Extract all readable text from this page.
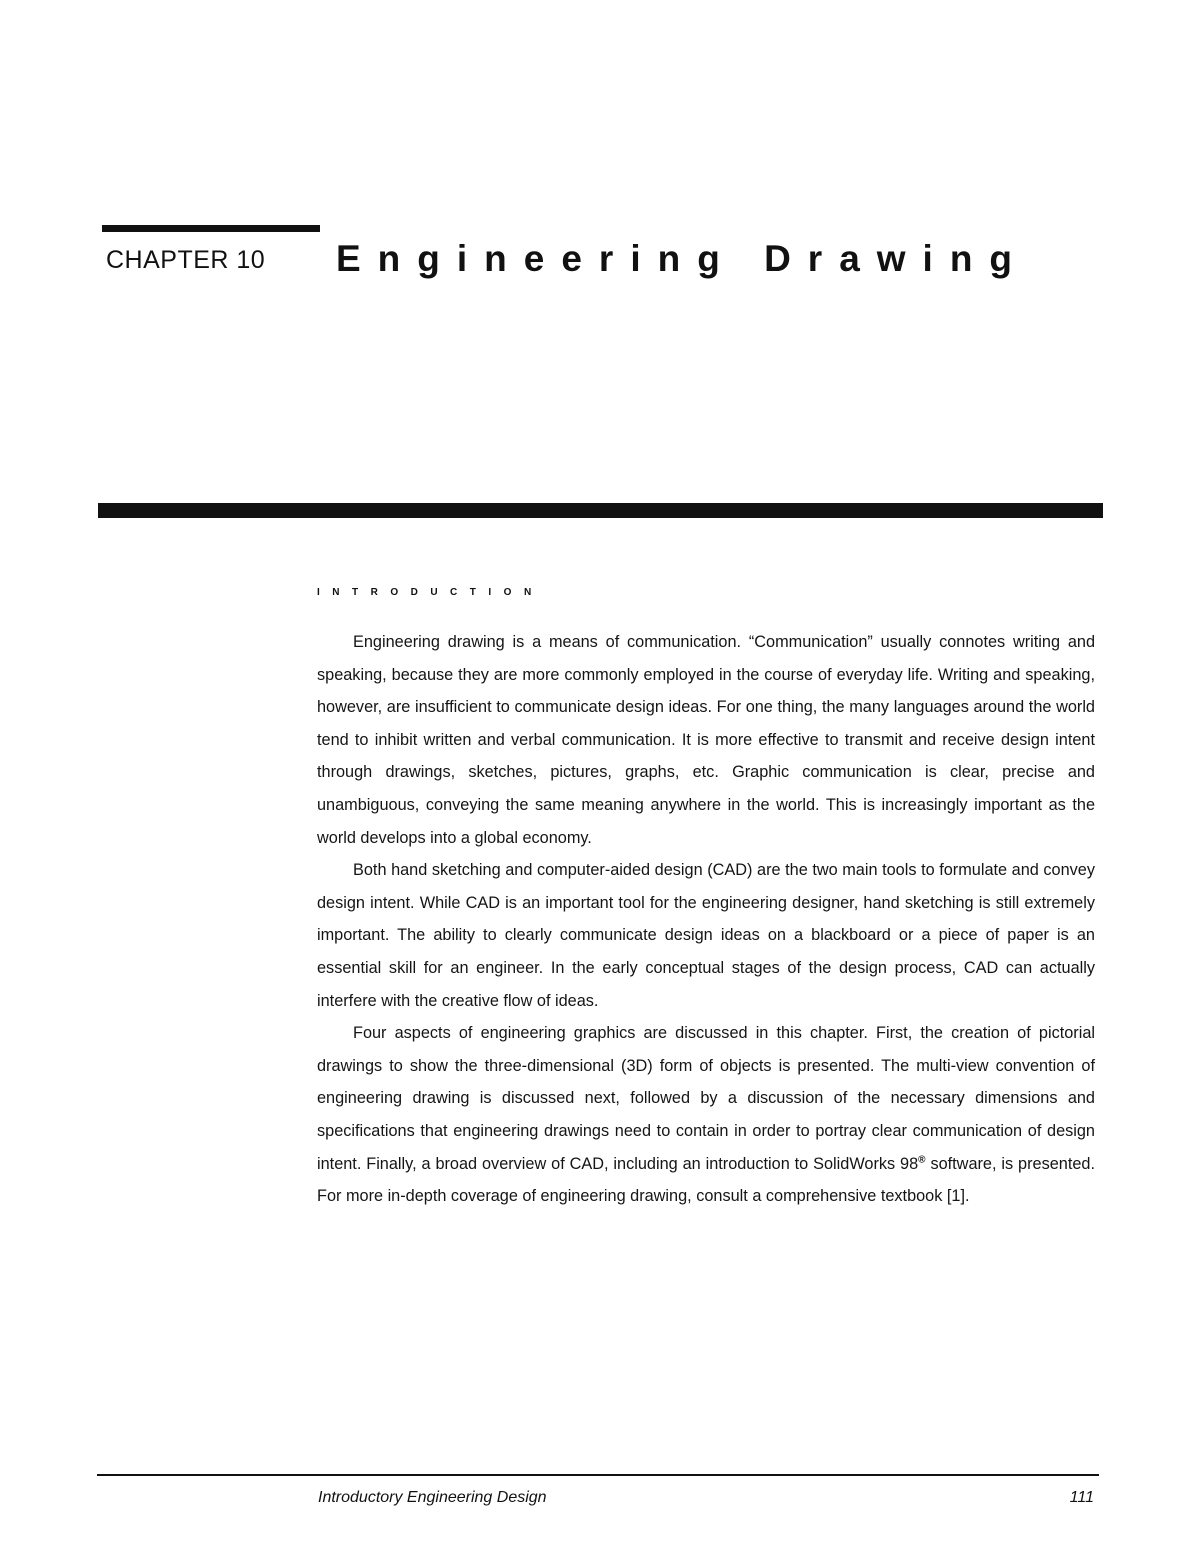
CHAPTER 10 Engineering Drawing
INTRODUCTION

Engineering drawing is a means of communication. “Communication” usually connotes writing and speaking, because they are more commonly employed in the course of everyday life. Writing and speaking, however, are insufficient to communicate design ideas. For one thing, the many languages around the world tend to inhibit written and verbal communication. It is more effective to transmit and receive design intent through drawings, sketches, pictures, graphs, etc. Graphic communication is clear, precise and unambiguous, conveying the same meaning anywhere in the world. This is increasingly important as the world develops into a global economy.

Both hand sketching and computer-aided design (CAD) are the two main tools to formulate and convey design intent. While CAD is an important tool for the engineering designer, hand sketching is still extremely important. The ability to clearly communicate design ideas on a blackboard or a piece of paper is an essential skill for an engineer. In the early conceptual stages of the design process, CAD can actually interfere with the creative flow of ideas.

Four aspects of engineering graphics are discussed in this chapter. First, the creation of pictorial drawings to show the three-dimensional (3D) form of objects is presented. The multi-view convention of engineering drawing is discussed next, followed by a discussion of the necessary dimensions and specifications that engineering drawings need to contain in order to portray clear communication of design intent. Finally, a broad overview of CAD, including an introduction to SolidWorks 98® software, is presented. For more in-depth coverage of engineering drawing, consult a comprehensive textbook [1].

Introductory Engineering Design	111
